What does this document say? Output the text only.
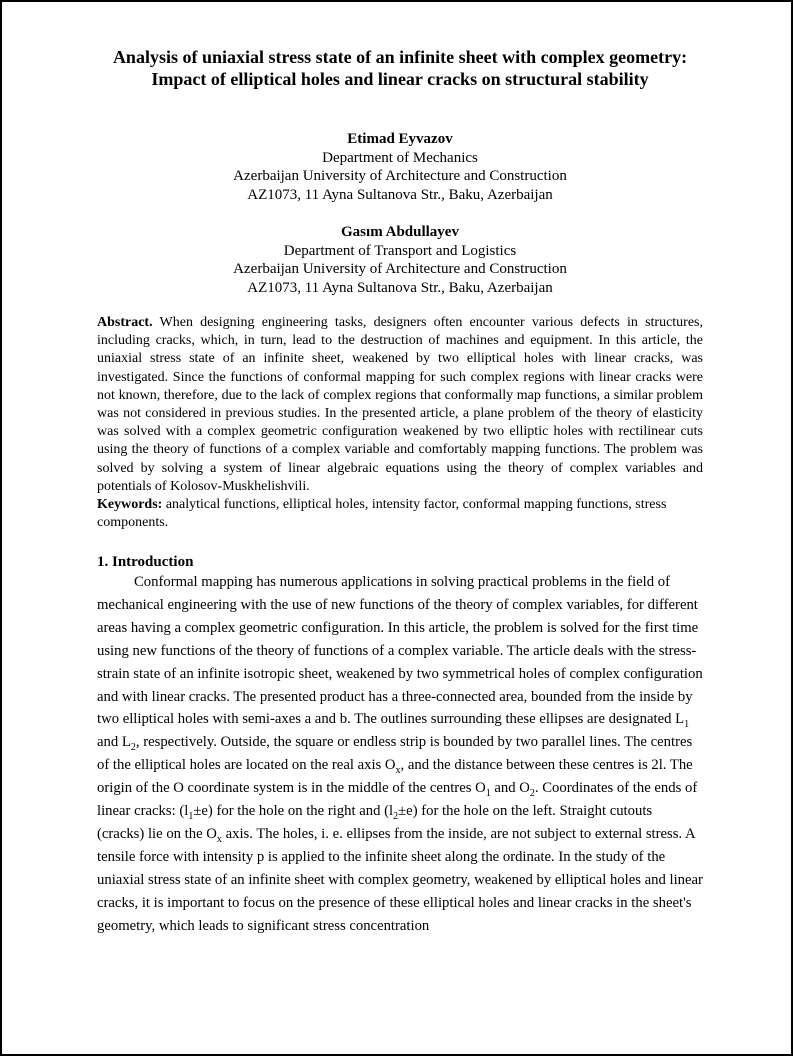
Analysis of uniaxial stress state of an infinite sheet with complex geometry: Impact of elliptical holes and linear cracks on structural stability
Etimad Eyvazov
Department of Mechanics
Azerbaijan University of Architecture and Construction
AZ1073, 11 Ayna Sultanova Str., Baku, Azerbaijan
Gasım Abdullayev
Department of Transport and Logistics
Azerbaijan University of Architecture and Construction
AZ1073, 11 Ayna Sultanova Str., Baku, Azerbaijan

Abstract. When designing engineering tasks, designers often encounter various defects in structures, including cracks, which, in turn, lead to the destruction of machines and equipment. In this article, the uniaxial stress state of an infinite sheet, weakened by two elliptical holes with linear cracks, was investigated. Since the functions of conformal mapping for such complex regions with linear cracks were not known, therefore, due to the lack of complex regions that conformally map functions, a similar problem was not considered in previous studies. In the presented article, a plane problem of the theory of elasticity was solved with a complex geometric configuration weakened by two elliptic holes with rectilinear cuts using the theory of functions of a complex variable and comfortably mapping functions. The problem was solved by solving a system of linear algebraic equations using the theory of complex variables and potentials of Kolosov-Muskhelishvili.

Keywords: analytical functions, elliptical holes, intensity factor, conformal mapping functions, stress components.

1. Introduction

Conformal mapping has numerous applications in solving practical problems in the field of mechanical engineering with the use of new functions of the theory of complex variables, for different areas having a complex geometric configuration. In this article, the problem is solved for the first time using new functions of the theory of functions of a complex variable. The article deals with the stress-strain state of an infinite isotropic sheet, weakened by two symmetrical holes of complex configuration and with linear cracks. The presented product has a three-connected area, bounded from the inside by two elliptical holes with semi-axes a and b. The outlines surrounding these ellipses are designated $L_1$ and $L_2$, respectively. Outside, the square or endless strip is bounded by two parallel lines. The centres of the elliptical holes are located on the real axis $O_x$, and the distance between these centres is 2l. The origin of the O coordinate system is in the middle of the centres $O_1$ and $O_2$. Coordinates of the ends of linear cracks: $(l_1\pm e)$ for the hole on the right and $(l_2\pm e)$ for the hole on the left. Straight cutouts (cracks) lie on the $O_x$ axis. The holes, i. e. ellipses from the inside, are not subject to external stress. A tensile force with intensity p is applied to the infinite sheet along the ordinate. In the study of the uniaxial stress state of an infinite sheet with complex geometry, weakened by elliptical holes and linear cracks, it is important to focus on the presence of these elliptical holes and linear cracks in the sheet's geometry, which leads to significant stress concentration
